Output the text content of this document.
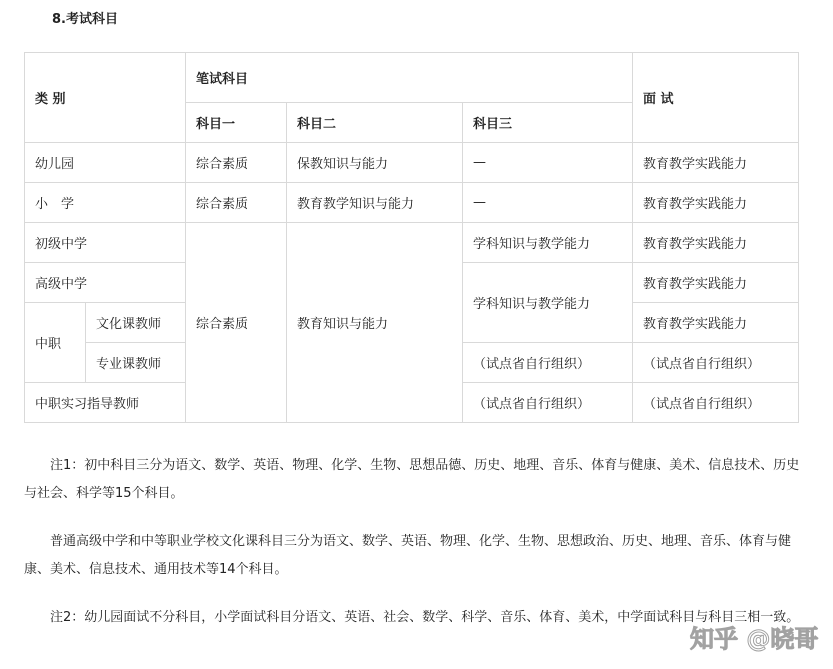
8.考试科目
类 别		笔试科目			面 试
		科目一	科目二	科目三	
幼儿园		综合素质	保教知识与能力	—	教育教学实践能力
小　学		综合素质	教育教学知识与能力	—	教育教学实践能力
初级中学		综合素质	教育知识与能力	学科知识与教学能力	教育教学实践能力
高级中学				学科知识与教学能力	教育教学实践能力
中职	文化课教师				教育教学实践能力
	专业课教师			（试点省自行组织）	（试点省自行组织）
中职实习指导教师				（试点省自行组织）	（试点省自行组织）

注1：初中科目三分为语文、数学、英语、物理、化学、生物、思想品德、历史、地理、音乐、体育与健康、美术、信息技术、历史与社会、科学等15个科目。

普通高级中学和中等职业学校文化课科目三分为语文、数学、英语、物理、化学、生物、思想政治、历史、地理、音乐、体育与健康、美术、信息技术、通用技术等14个科目。

注2：幼儿园面试不分科目，小学面试科目分语文、英语、社会、数学、科学、音乐、体育、美术，中学面试科目与科目三相一致。

知乎 @晓哥
